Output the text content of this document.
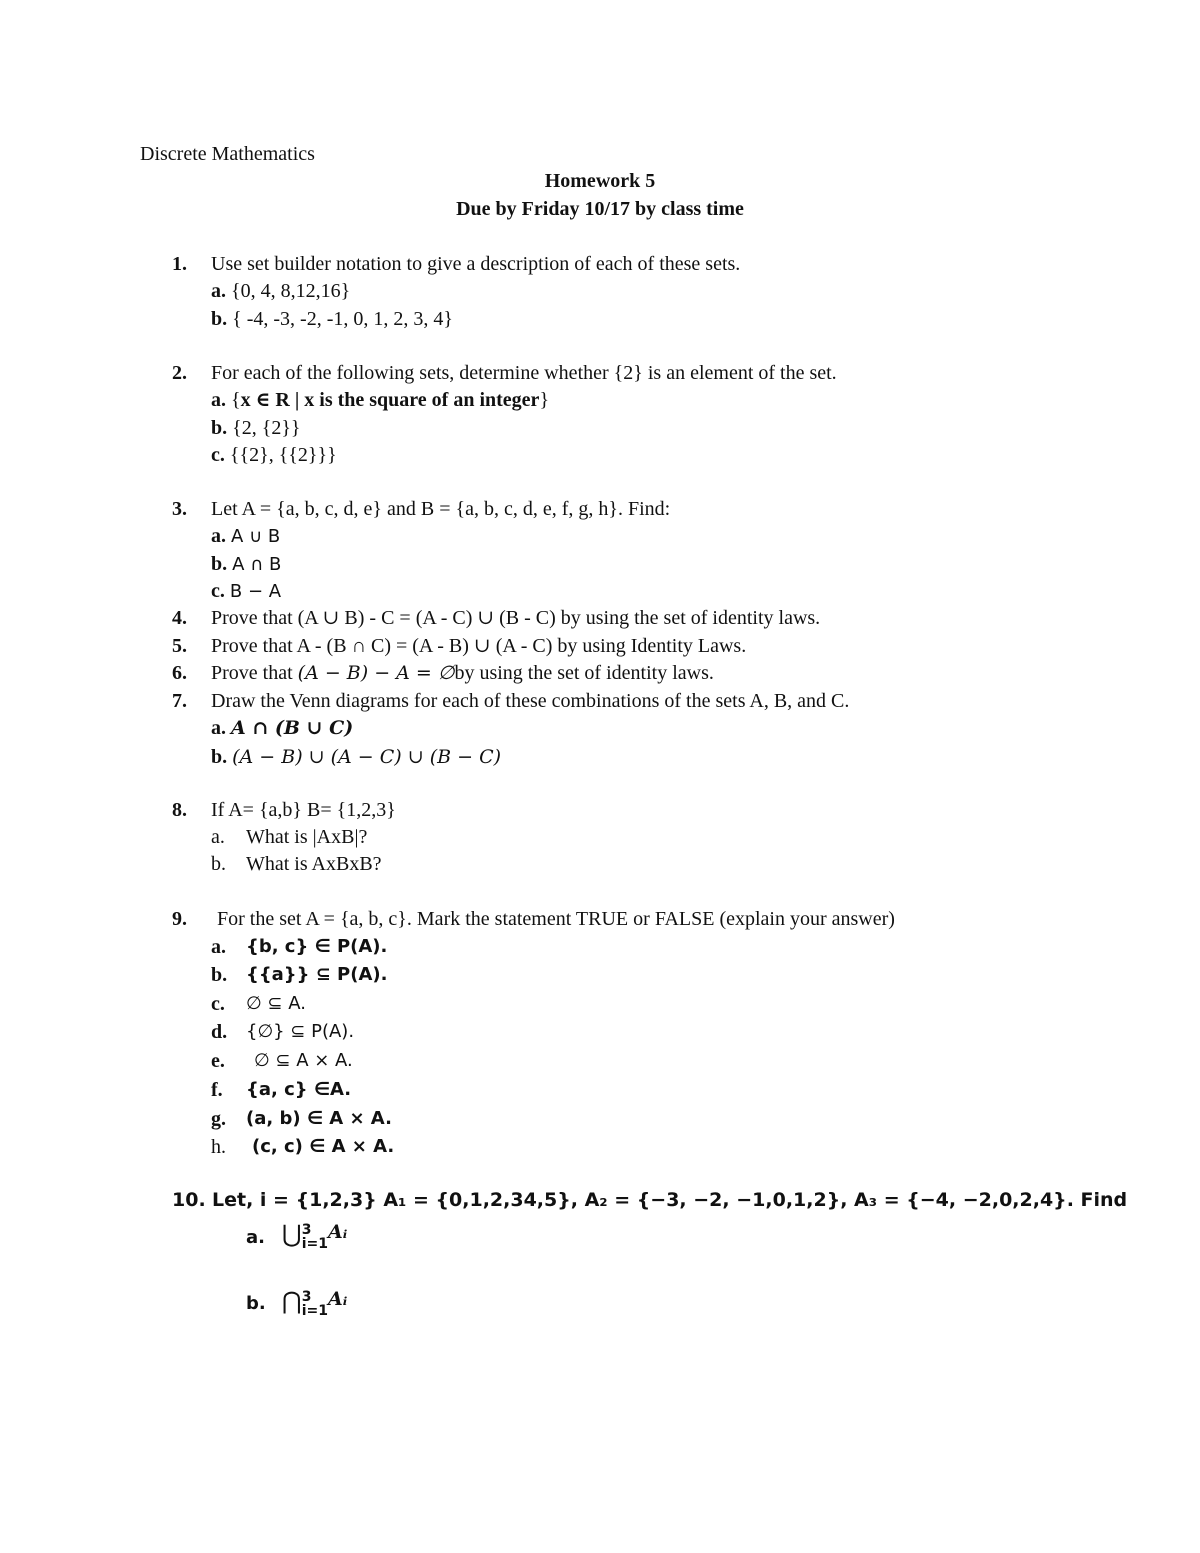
Discrete Mathematics
Homework 5
Due by Friday 10/17 by class time
1. Use set builder notation to give a description of each of these sets.
a. {0, 4, 8,12,16}
b. { -4, -3, -2, -1, 0, 1, 2, 3, 4}
2. For each of the following sets, determine whether {2} is an element of the set.
a. {x ∈ R | x is the square of an integer}
b. {2, {2}}
c. {{2}, {{2}}}
3. Let A = {a, b, c, d, e} and B = {a, b, c, d, e, f, g, h}. Find:
a. A ∪ B
b. A ∩ B
c. B − A
4. Prove that (A ∪ B) - C = (A - C) ∪ (B - C) by using the set of identity laws.
5. Prove that A - (B ∩ C) = (A - B) ∪ (A - C) by using Identity Laws.
6. Prove that (A − B) − A = ∅by using the set of identity laws.
7. Draw the Venn diagrams for each of these combinations of the sets A, B, and C.
a. A ∩ (B ∪ C)
b. (A − B) ∪ (A − C) ∪ (B − C)
8. If A= {a,b} B= {1,2,3}
a. What is |AxB|?
b. What is AxBxB?
9. For the set A = {a, b, c}. Mark the statement TRUE or FALSE (explain your answer)
a. {b, c} ∈ P(A).
b. {{a}} ⊆ P(A).
c. ∅ ⊆ A.
d. {∅} ⊆ P(A).
e. ∅ ⊆ A × A.
f. {a, c} ∈A.
g. (a, b) ∈ A × A.
h. (c, c) ∈ A × A.
10. Let, i = {1,2,3} A₁ = {0,1,2,34,5}, A₂ = {−3, −2, −1,0,1,2}, A₃ = {−4, −2,0,2,4}. Find
a. ⋃3
i=1Aᵢ
b. ⋂3
i=1Aᵢ
